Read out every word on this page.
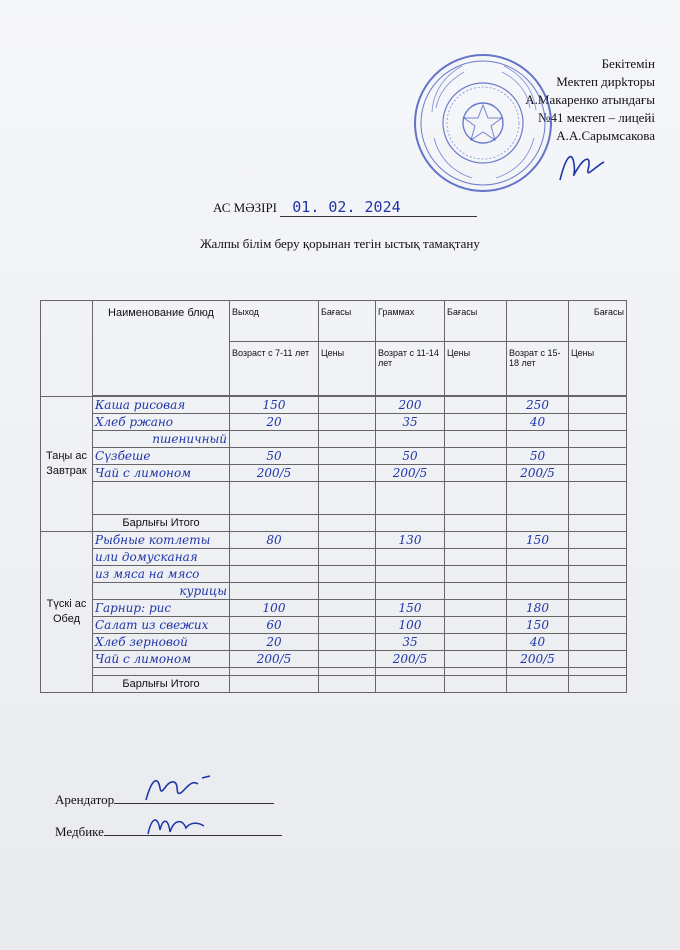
Бекітемін
Мектеп дирkторы
А.Макаренко атындағы
№41 мектеп – лицейі
А.А.Сарымсакова
АС МӘЗІРІ 01. 02. 2024
Жалпы білім беру қорынан тегін ыстық тамақтану
	Наименование блюд	Выход	Бағасы	Граммах	Бағасы		Бағасы
		Возраст с 7-11 лет	Цены	Возрат с 11-14 лет	Цены	Возрат с 15-18 лет	Цены

Таңы ас Завтрак	Каша рисовая	150		200		250	
	Хлеб ржано	20		35		40	
	пшеничный						
	Сүзбеше	50		50		50	
	Чай с лимоном	200/5		200/5		200/5	

	Барлығы Итого						
Түскі ас Обед	Рыбные котлеты	80		130		150	
	или домусканая						
	из мяса на мясо						
	курицы						
	Гарнир: рис	100		150		180	
	Салат из свежих	60		100		150	
	Хлеб зерновой	20		35		40	
	Чай с лимоном	200/5		200/5		200/5	

	Барлығы Итого						
Арендатор
Медбике
